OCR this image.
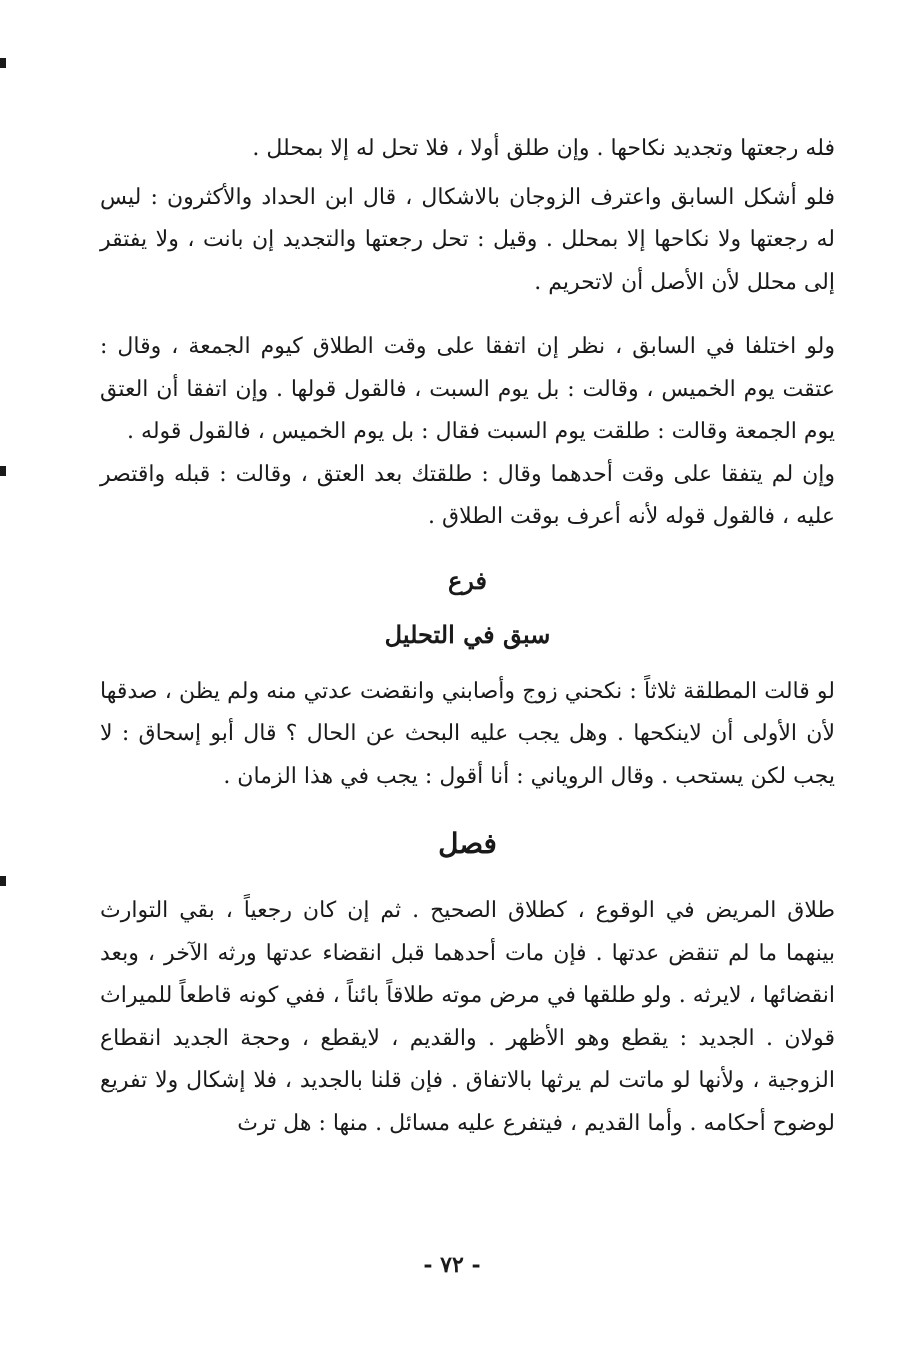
فله رجعتها وتجديد نكاحها . وإن طلق أولا ، فلا تحل له إلا بمحلل .

فلو أشكل السابق واعترف الزوجان بالاشكال ، قال ابن الحداد والأكثرون : ليس له رجعتها ولا نكاحها إلا بمحلل . وقيل : تحل رجعتها والتجديد إن بانت ، ولا يفتقر إلى محلل لأن الأصل أن لاتحريم .

ولو اختلفا في السابق ، نظر إن اتفقا على وقت الطلاق كيوم الجمعة ، وقال : عتقت يوم الخميس ، وقالت : بل يوم السبت ، فالقول قولها . وإن اتفقا أن العتق يوم الجمعة وقالت : طلقت يوم السبت فقال : بل يوم الخميس ، فالقول قوله .

وإن لم يتفقا على وقت أحدهما وقال : طلقتك بعد العتق ، وقالت : قبله واقتصر عليه ، فالقول قوله لأنه أعرف بوقت الطلاق .

فرع
سبق في التحليل

لو قالت المطلقة ثلاثاً : نكحني زوج وأصابني وانقضت عدتي منه ولم يظن ، صدقها لأن الأولى أن لاينكحها . وهل يجب عليه البحث عن الحال ؟ قال أبو إسحاق : لا يجب لكن يستحب . وقال الروياني : أنا أقول : يجب في هذا الزمان .

فصل

طلاق المريض في الوقوع ، كطلاق الصحيح . ثم إن كان رجعياً ، بقي التوارث بينهما ما لم تنقض عدتها . فإن مات أحدهما قبل انقضاء عدتها ورثه الآخر ، وبعد انقضائها ، لايرثه . ولو طلقها في مرض موته طلاقاً بائناً ، ففي كونه قاطعاً للميراث قولان . الجديد : يقطع وهو الأظهر . والقديم ، لايقطع ، وحجة الجديد انقطاع الزوجية ، ولأنها لو ماتت لم يرثها بالاتفاق . فإن قلنا بالجديد ، فلا إشكال ولا تفريع لوضوح أحكامه . وأما القديم ، فيتفرع عليه مسائل . منها : هل ترث

- ٧٢ -
